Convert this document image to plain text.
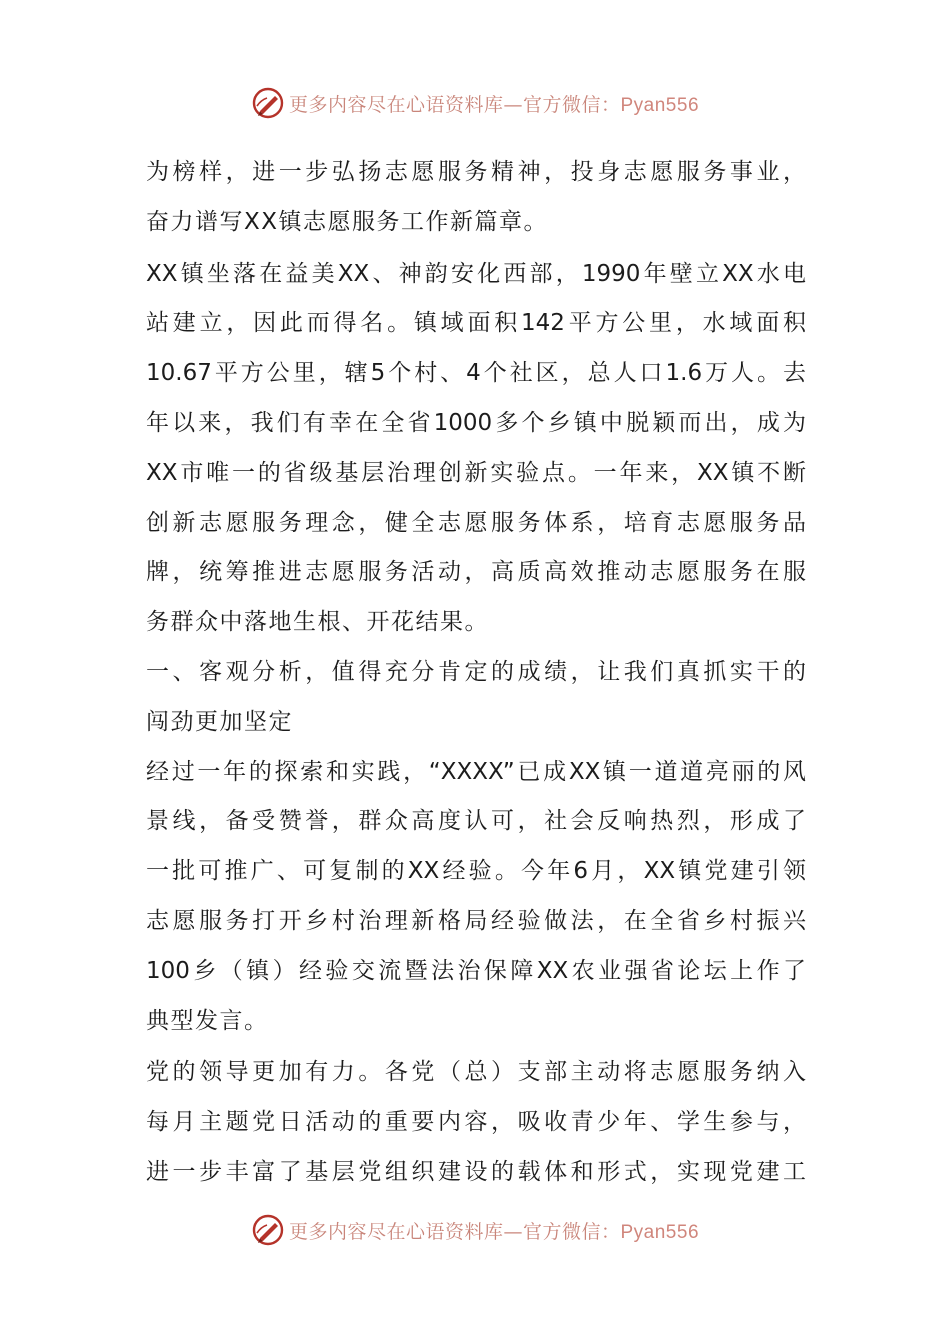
更多内容尽在心语资料库—官方微信：Pyan556
为榜样，进一步弘扬志愿服务精神，投身志愿服务事业，
奋力谱写XX镇志愿服务工作新篇章。
XX镇坐落在益美XX、神韵安化西部，1990年壁立XX水电
站建立，因此而得名。镇域面积142平方公里，水域面积
10.67平方公里，辖5个村、4个社区，总人口1.6万人。去
年以来，我们有幸在全省1000多个乡镇中脱颖而出，成为
XX市唯一的省级基层治理创新实验点。一年来，XX镇不断
创新志愿服务理念，健全志愿服务体系，培育志愿服务品
牌，统筹推进志愿服务活动，高质高效推动志愿服务在服
务群众中落地生根、开花结果。
一、客观分析，值得充分肯定的成绩，让我们真抓实干的
闯劲更加坚定
经过一年的探索和实践，“XXXX”已成XX镇一道道亮丽的风
景线，备受赞誉，群众高度认可，社会反响热烈，形成了
一批可推广、可复制的XX经验。今年6月，XX镇党建引领
志愿服务打开乡村治理新格局经验做法，在全省乡村振兴
100乡（镇）经验交流暨法治保障XX农业强省论坛上作了
典型发言。
党的领导更加有力。各党（总）支部主动将志愿服务纳入
每月主题党日活动的重要内容，吸收青少年、学生参与，
进一步丰富了基层党组织建设的载体和形式，实现党建工
更多内容尽在心语资料库—官方微信：Pyan556
